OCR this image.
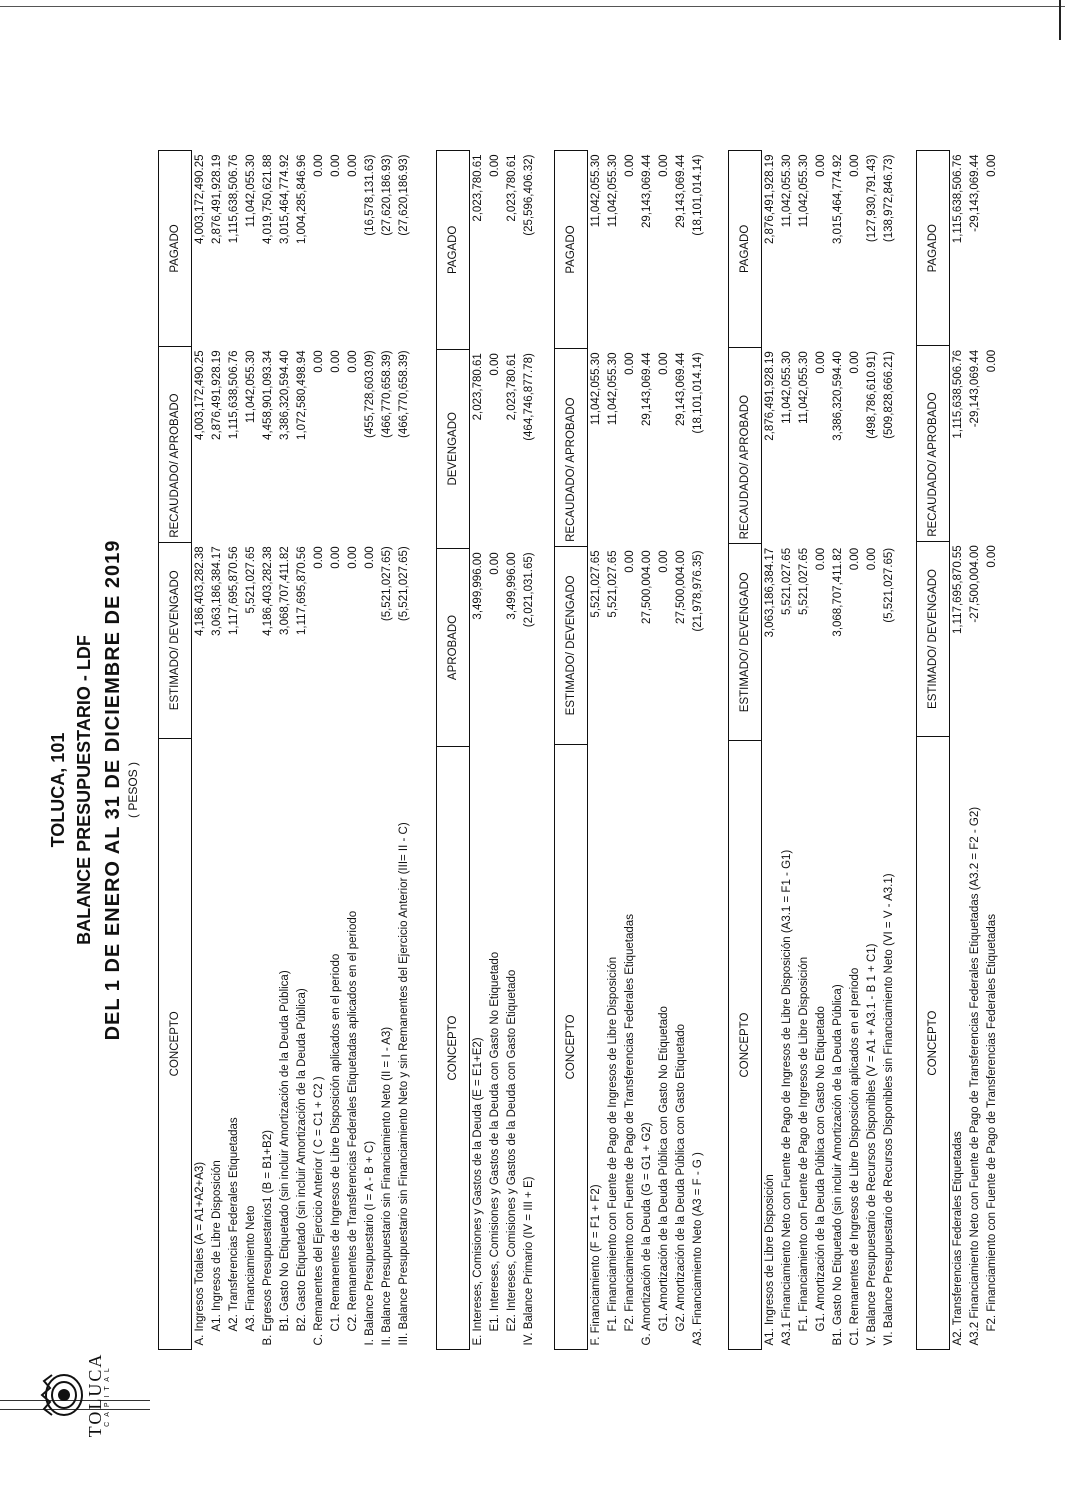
TOLUCA CAPITAL
TOLUCA, 101 BALANCE PRESUPUESTARIO - LDF DEL 1 DE ENERO AL 31 DE DICIEMBRE DE 2019 ( PESOS )
CONCEPTO	ESTIMADO/ DEVENGADO	RECAUDADO/ APROBADO	PAGADO
A. Ingresos Totales (A = A1+A2+A3)	4,186,403,282.38	4,003,172,490.25	4,003,172,490.25
A1. Ingresos de Libre Disposición	3,063,186,384.17	2,876,491,928.19	2,876,491,928.19
A2. Transferencias Federales Etiquetadas	1,117,695,870.56	1,115,638,506.76	1,115,638,506.76
A3. Financiamiento Neto	5,521,027.65	11,042,055.30	11,042,055.30
B. Egresos Presupuestarios1 (B = B1+B2)	4,186,403,282.38	4,458,901,093.34	4,019,750,621.88
B1. Gasto No Etiquetado (sin incluir Amortización de la Deuda Pública)	3,068,707,411.82	3,386,320,594.40	3,015,464,774.92
B2. Gasto Etiquetado (sin incluir Amortización de la Deuda Pública)	1,117,695,870.56	1,072,580,498.94	1,004,285,846.96
C. Remanentes del Ejercicio Anterior ( C = C1 + C2 )	0.00	0.00	0.00
C1. Remanentes de Ingresos de Libre Disposición aplicados en el periodo	0.00	0.00	0.00
C2. Remanentes de Transferencias Federales Etiquetadas aplicados en el periodo	0.00	0.00	0.00
I. Balance Presupuestario (I = A - B + C)	0.00	(455,728,603.09)	(16,578,131.63)
II. Balance Presupuestario sin Financiamiento Neto (II = I - A3)	(5,521,027.65)	(466,770,658.39)	(27,620,186.93)
III. Balance Presupuestario sin Financiamiento Neto y sin Remanentes del Ejercicio Anterior (III= II - C)	(5,521,027.65)	(466,770,658.39)	(27,620,186.93)
CONCEPTO	APROBADO	DEVENGADO	PAGADO
E. Intereses, Comisiones y Gastos de la Deuda (E = E1+E2)	3,499,996.00	2,023,780.61	2,023,780.61
E1. Intereses, Comisiones y Gastos de la Deuda con Gasto No Etiquetado	0.00	0.00	0.00
E2. Intereses, Comisiones y Gastos de la Deuda con Gasto Etiquetado	3,499,996.00	2,023,780.61	2,023,780.61
IV. Balance Primario (IV = III + E)	(2,021,031.65)	(464,746,877.78)	(25,596,406.32)
CONCEPTO	ESTIMADO/ DEVENGADO	RECAUDADO/ APROBADO	PAGADO
F. Financiamiento (F = F1 + F2)	5,521,027.65	11,042,055.30	11,042,055.30
F1. Financiamiento con Fuente de Pago de Ingresos de Libre Disposición	5,521,027.65	11,042,055.30	11,042,055.30
F2. Financiamiento con Fuente de Pago de Transferencias Federales Etiquetadas	0.00	0.00	0.00
G. Amortización de la Deuda (G = G1 + G2)	27,500,004.00	29,143,069.44	29,143,069.44
G1. Amortización de la Deuda Pública con Gasto No Etiquetado	0.00	0.00	0.00
G2. Amortización de la Deuda Pública con Gasto Etiquetado	27,500,004.00	29,143,069.44	29,143,069.44
A3. Financiamiento Neto (A3 = F - G )	(21,978,976.35)	(18,101,014.14)	(18,101,014.14)
CONCEPTO	ESTIMADO/ DEVENGADO	RECAUDADO/ APROBADO	PAGADO
A1. Ingresos de Libre Disposición	3,063,186,384.17	2,876,491,928.19	2,876,491,928.19
A3.1 Financiamiento Neto con Fuente de Pago de Ingresos de Libre Disposición (A3.1 = F1 - G1)	5,521,027.65	11,042,055.30	11,042,055.30
F1. Financiamiento con Fuente de Pago de Ingresos de Libre Disposición	5,521,027.65	11,042,055.30	11,042,055.30
G1. Amortización de la Deuda Pública con Gasto No Etiquetado	0.00	0.00	0.00
B1. Gasto No Etiquetado (sin incluir Amortización de la Deuda Pública)	3,068,707,411.82	3,386,320,594.40	3,015,464,774.92
C1. Remanentes de Ingresos de Libre Disposición aplicados en el periodo	0.00	0.00	0.00
V. Balance Presupuestario de Recursos Disponibles (V = A1 + A3.1 - B 1 + C1)	0.00	(498,786,610.91)	(127,930,791.43)
VI. Balance Presupuestario de Recursos Disponibles sin Financiamiento Neto (VI = V - A3.1)	(5,521,027.65)	(509,828,666.21)	(138,972,846.73)
CONCEPTO	ESTIMADO/ DEVENGADO	RECAUDADO/ APROBADO	PAGADO
A2. Transferencias Federales Etiquetadas	1,117,695,870.55	1,115,638,506.76	1,115,638,506.76
A3.2 Financiamiento Neto con Fuente de Pago de Transferencias Federales Etiquetadas (A3.2 = F2 - G2)	-27,500,004.00	-29,143,069.44	-29,143,069.44
F2. Financiamiento con Fuente de Pago de Transferencias Federales Etiquetadas	0.00	0.00	0.00
